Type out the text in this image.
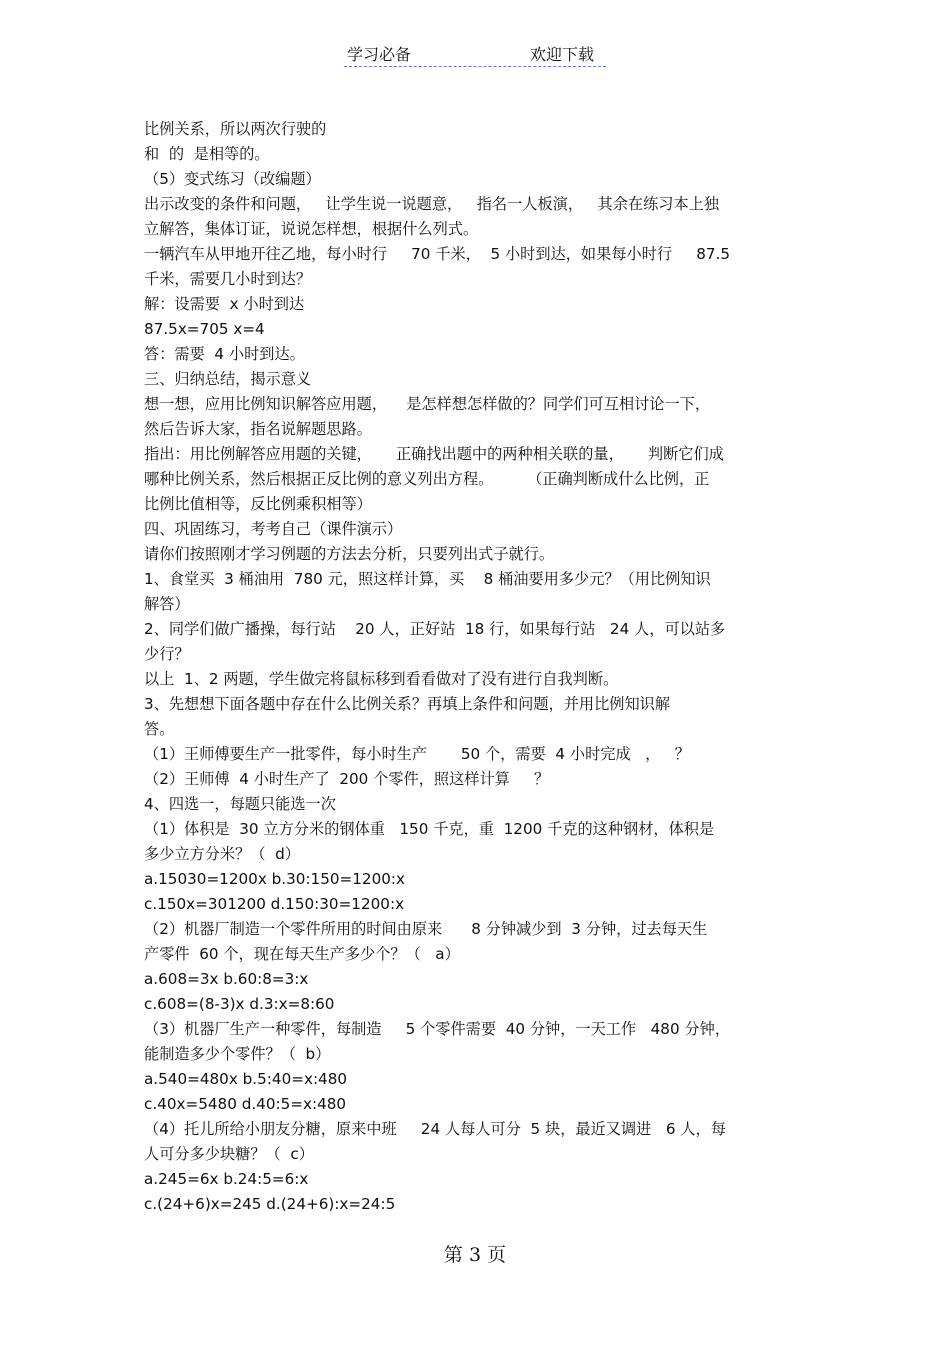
学习必备	欢迎下载
比例关系，所以两次行驶的
和  的  是相等的。
（5）变式练习（改编题）
出示改变的条件和问题，   让学生说一说题意，   指名一人板演，   其余在练习本上独
立解答，集体订证，说说怎样想，根据什么列式。
一辆汽车从甲地开往乙地，每小时行     70 千米，  5 小时到达，如果每小时行     87.5
千米，需要几小时到达？
解：设需要  x 小时到达
87.5x=705 x=4
答：需要  4 小时到达。
三、归纳总结，揭示意义
想一想，应用比例知识解答应用题，    是怎样想怎样做的？同学们可互相讨论一下，
然后告诉大家，指名说解题思路。
指出：用比例解答应用题的关键，     正确找出题中的两种相关联的量，     判断它们成
哪种比例关系，然后根据正反比例的意义列出方程。       （正确判断成什么比例，正
比例比值相等，反比例乘积相等）
四、巩固练习，考考自己（课件演示）
请你们按照刚才学习例题的方法去分析，只要列出式子就行。
1、食堂买  3 桶油用  780 元，照这样计算，买    8 桶油要用多少元？（用比例知识
解答）
2、同学们做广播操，每行站    20 人，正好站  18 行，如果每行站   24 人，可以站多
少行？
以上  1、2 两题，学生做完将鼠标移到看看做对了没有进行自我判断。
3、先想想下面各题中存在什么比例关系？再填上条件和问题，并用比例知识解
答。
（1）王师傅要生产一批零件，每小时生产       50 个，需要  4 小时完成   ，   ？
（2）王师傅  4 小时生产了  200 个零件，照这样计算     ？
4、四选一，每题只能选一次
（1）体积是  30 立方分米的钢体重   150 千克，重  1200 千克的这种钢材，体积是
多少立方分米？（  d）
a.15030=1200x b.30:150=1200:x
c.150x=301200 d.150:30=1200:x
（2）机器厂制造一个零件所用的时间由原来      8 分钟减少到  3 分钟，过去每天生
产零件  60 个，现在每天生产多少个？（   a）
a.608=3x b.60:8=3:x
c.608=(8-3)x d.3:x=8:60
（3）机器厂生产一种零件，每制造     5 个零件需要  40 分钟，一天工作   480 分钟，
能制造多少个零件？（  b）
a.540=480x b.5:40=x:480
c.40x=5480 d.40:5=x:480
（4）托儿所给小朋友分糖，原来中班     24 人每人可分  5 块，最近又调进   6 人，每
人可分多少块糖？（  c）
a.245=6x b.24:5=6:x
c.(24+6)x=245 d.(24+6):x=24:5
第 3 页
